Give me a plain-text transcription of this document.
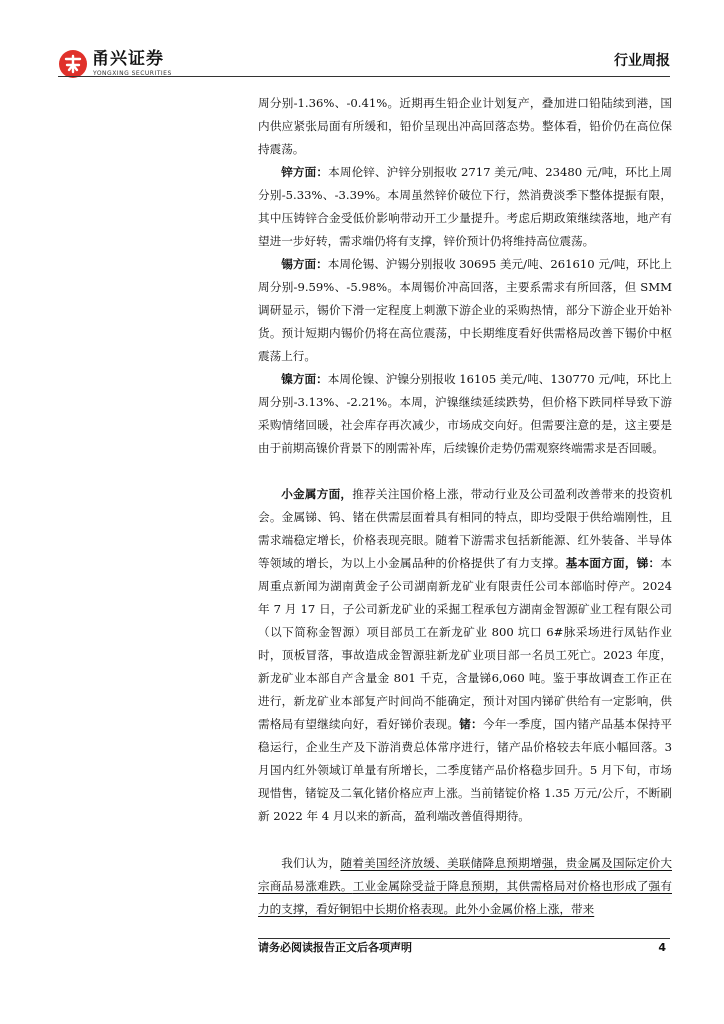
甬兴证券
YONGXING SECURITIES
行业周报

周分别-1.36%、-0.41%。近期再生铅企业计划复产，叠加进口铅陆续到港，国内供应紧张局面有所缓和，铅价呈现出冲高回落态势。整体看，铅价仍在高位保持震荡。

锌方面：本周伦锌、沪锌分别报收 2717 美元/吨、23480 元/吨，环比上周分别-5.33%、-3.39%。本周虽然锌价破位下行，然消费淡季下整体提振有限，其中压铸锌合金受低价影响带动开工少量提升。考虑后期政策继续落地，地产有望进一步好转，需求端仍将有支撑，锌价预计仍将维持高位震荡。

锡方面：本周伦锡、沪锡分别报收 30695 美元/吨、261610 元/吨，环比上周分别-9.59%、-5.98%。本周锡价冲高回落，主要系需求有所回落，但 SMM调研显示，锡价下滑一定程度上刺激下游企业的采购热情，部分下游企业开始补货。预计短期内锡价仍将在高位震荡，中长期维度看好供需格局改善下锡价中枢震荡上行。

镍方面：本周伦镍、沪镍分别报收 16105 美元/吨、130770 元/吨，环比上周分别-3.13%、-2.21%。本周，沪镍继续延续跌势，但价格下跌同样导致下游采购情绪回暖，社会库存再次减少，市场成交向好。但需要注意的是，这主要是由于前期高镍价背景下的刚需补库，后续镍价走势仍需观察终端需求是否回暖。

小金属方面，推荐关注国价格上涨，带动行业及公司盈利改善带来的投资机会。金属锑、钨、锗在供需层面着具有相同的特点，即均受限于供给端刚性，且需求端稳定增长，价格表现亮眼。随着下游需求包括新能源、红外装备、半导体等领域的增长，为以上小金属品种的价格提供了有力支撑。基本面方面，锑：本周重点新闻为湖南黄金子公司湖南新龙矿业有限责任公司本部临时停产。2024 年 7 月 17 日，子公司新龙矿业的采掘工程承包方湖南金智源矿业工程有限公司（以下简称金智源）项目部员工在新龙矿业 800 坑口 6#脉采场进行凤钻作业时，顶板冒落，事故造成金智源驻新龙矿业项目部一名员工死亡。2023 年度，新龙矿业本部自产含量金 801 千克，含量锑6,060 吨。鉴于事故调查工作正在进行，新龙矿业本部复产时间尚不能确定，预计对国内锑矿供给有一定影响，供需格局有望继续向好，看好锑价表现。锗：今年一季度，国内锗产品基本保持平稳运行，企业生产及下游消费总体常序进行，锗产品价格较去年底小幅回落。3 月国内红外领域订单量有所增长，二季度锗产品价格稳步回升。5 月下旬，市场现惜售，锗锭及二氧化锗价格应声上涨。当前锗锭价格 1.35 万元/公斤，不断刷新 2022 年 4 月以来的新高，盈利端改善值得期待。

我们认为，随着美国经济放缓、美联储降息预期增强，贵金属及国际定价大宗商品易涨难跌。工业金属除受益于降息预期，其供需格局对价格也形成了强有力的支撑，看好铜铝中长期价格表现。此外小金属价格上涨，带来

请务必阅读报告正文后各项声明	4
